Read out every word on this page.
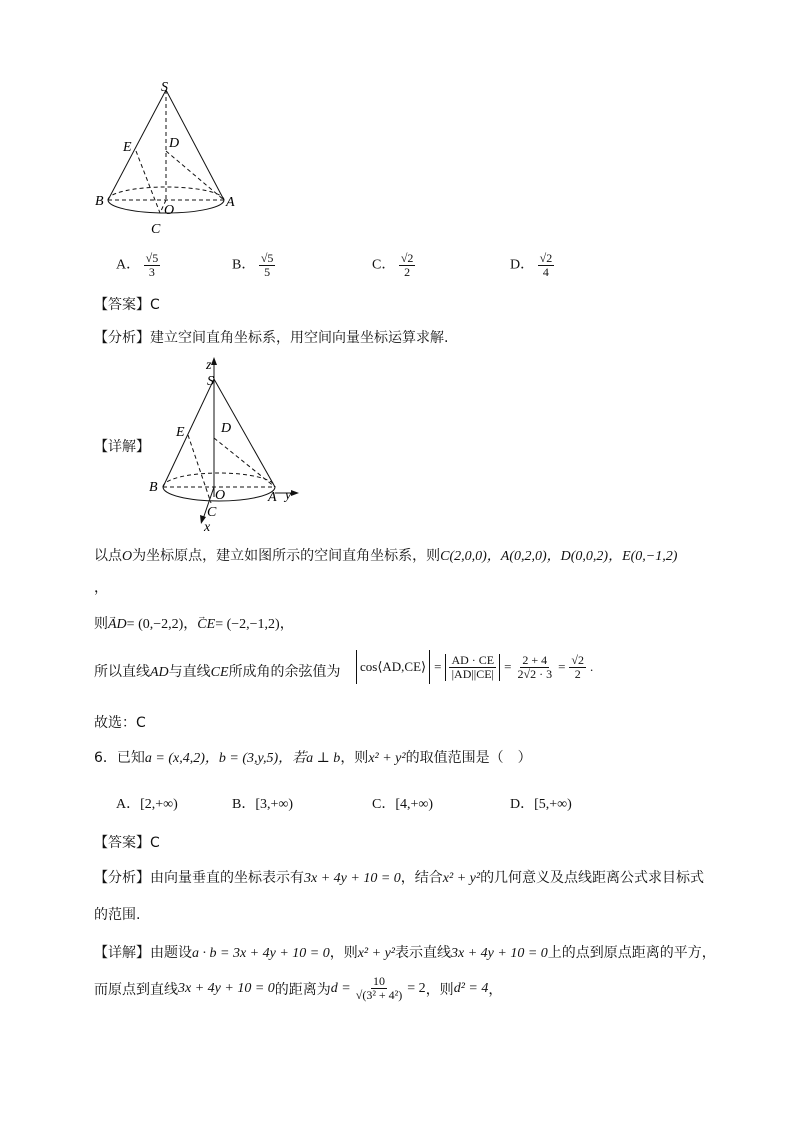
S
E	D
B
O
A
C
A． $\frac{√5}{3}$	B． $\frac{√5}{5}$	C． $\frac{√2}{2}$	D． $\frac{√2}{4}$
【答案】C
【分析】建立空间直角坐标系，用空间向量坐标运算求解.
【详解】
z
S
E	D
B
O	A y
C
x
以点O为坐标原点，建立如图所示的空间直角坐标系，则C(2,0,0)，A(0,2,0)，D(0,0,2)，E(0,−1,2)
，
则→ AD= (0,−2,2)，→ CE= (−2,−1,2)，
所以直线AD与直线CE所成角的余弦值为	cos⟨AD,CE⟩ = $\frac{AD \cdot CE}{|AD||CE|} = \frac{2 + 4}{2√2 \cdot 3} = \frac{√2}{2}$ .
故选：C
6．已知a = (x,4,2)，b = (3,y,5)，若a ⊥ b，则x² + y²的取值范围是（　）
A．[2,+∞)	B．[3,+∞)	C．[4,+∞)	D．[5,+∞)
【答案】C
【分析】由向量垂直的坐标表示有3x + 4y + 10 = 0，结合x² + y²的几何意义及点线距离公式求目标式
的范围.
【详解】由题设a · b = 3x + 4y + 10 = 0，则x² + y²表示直线3x + 4y + 10 = 0上的点到原点距离的平方，
而原点到直线 3x + 4y + 10 = 0 的距离为 $d = \frac{10}{\text{√(3² + 4²)}} = 2$ ，则 d² = 4 ，
